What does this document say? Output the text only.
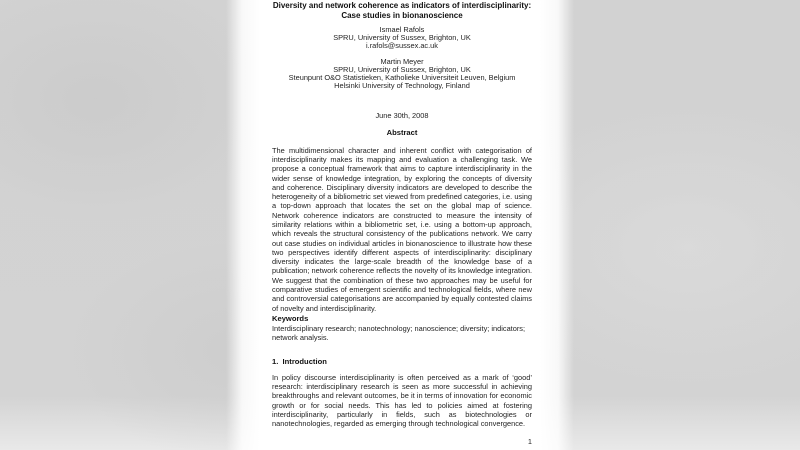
Diversity and network coherence as indicators of interdisciplinarity:
Case studies in bionanoscience
Ismael Rafols
SPRU, University of Sussex, Brighton, UK
i.rafols@sussex.ac.uk
Martin Meyer
SPRU, University of Sussex, Brighton, UK
Steunpunt O&O Statistieken, Katholieke Universiteit Leuven, Belgium
Helsinki University of Technology, Finland
June 30th, 2008
Abstract
The multidimensional character and inherent conflict with categorisation of interdisciplinarity makes its mapping and evaluation a challenging task. We propose a conceptual framework that aims to capture interdisciplinarity in the wider sense of knowledge integration, by exploring the concepts of diversity and coherence. Disciplinary diversity indicators are developed to describe the heterogeneity of a bibliometric set viewed from predefined categories, i.e. using a top-down approach that locates the set on the global map of science. Network coherence indicators are constructed to measure the intensity of similarity relations within a bibliometric set, i.e. using a bottom-up approach, which reveals the structural consistency of the publications network. We carry out case studies on individual articles in bionanoscience to illustrate how these two perspectives identify different aspects of interdisciplinarity: disciplinary diversity indicates the large-scale breadth of the knowledge base of a publication; network coherence reflects the novelty of its knowledge integration. We suggest that the combination of these two approaches may be useful for comparative studies of emergent scientific and technological fields, where new and controversial categorisations are accompanied by equally contested claims of novelty and interdisciplinarity.
Keywords
Interdisciplinary research; nanotechnology; nanoscience; diversity; indicators; network analysis.
1.  Introduction
In policy discourse interdisciplinarity is often perceived as a mark of ‘good’ research: interdisciplinary research is seen as more successful in achieving breakthroughs and relevant outcomes, be it in terms of innovation for economic growth or for social needs. This has led to policies aimed at fostering interdisciplinarity, particularly in fields, such as biotechnologies or nanotechnologies, regarded as emerging through technological convergence.
1
